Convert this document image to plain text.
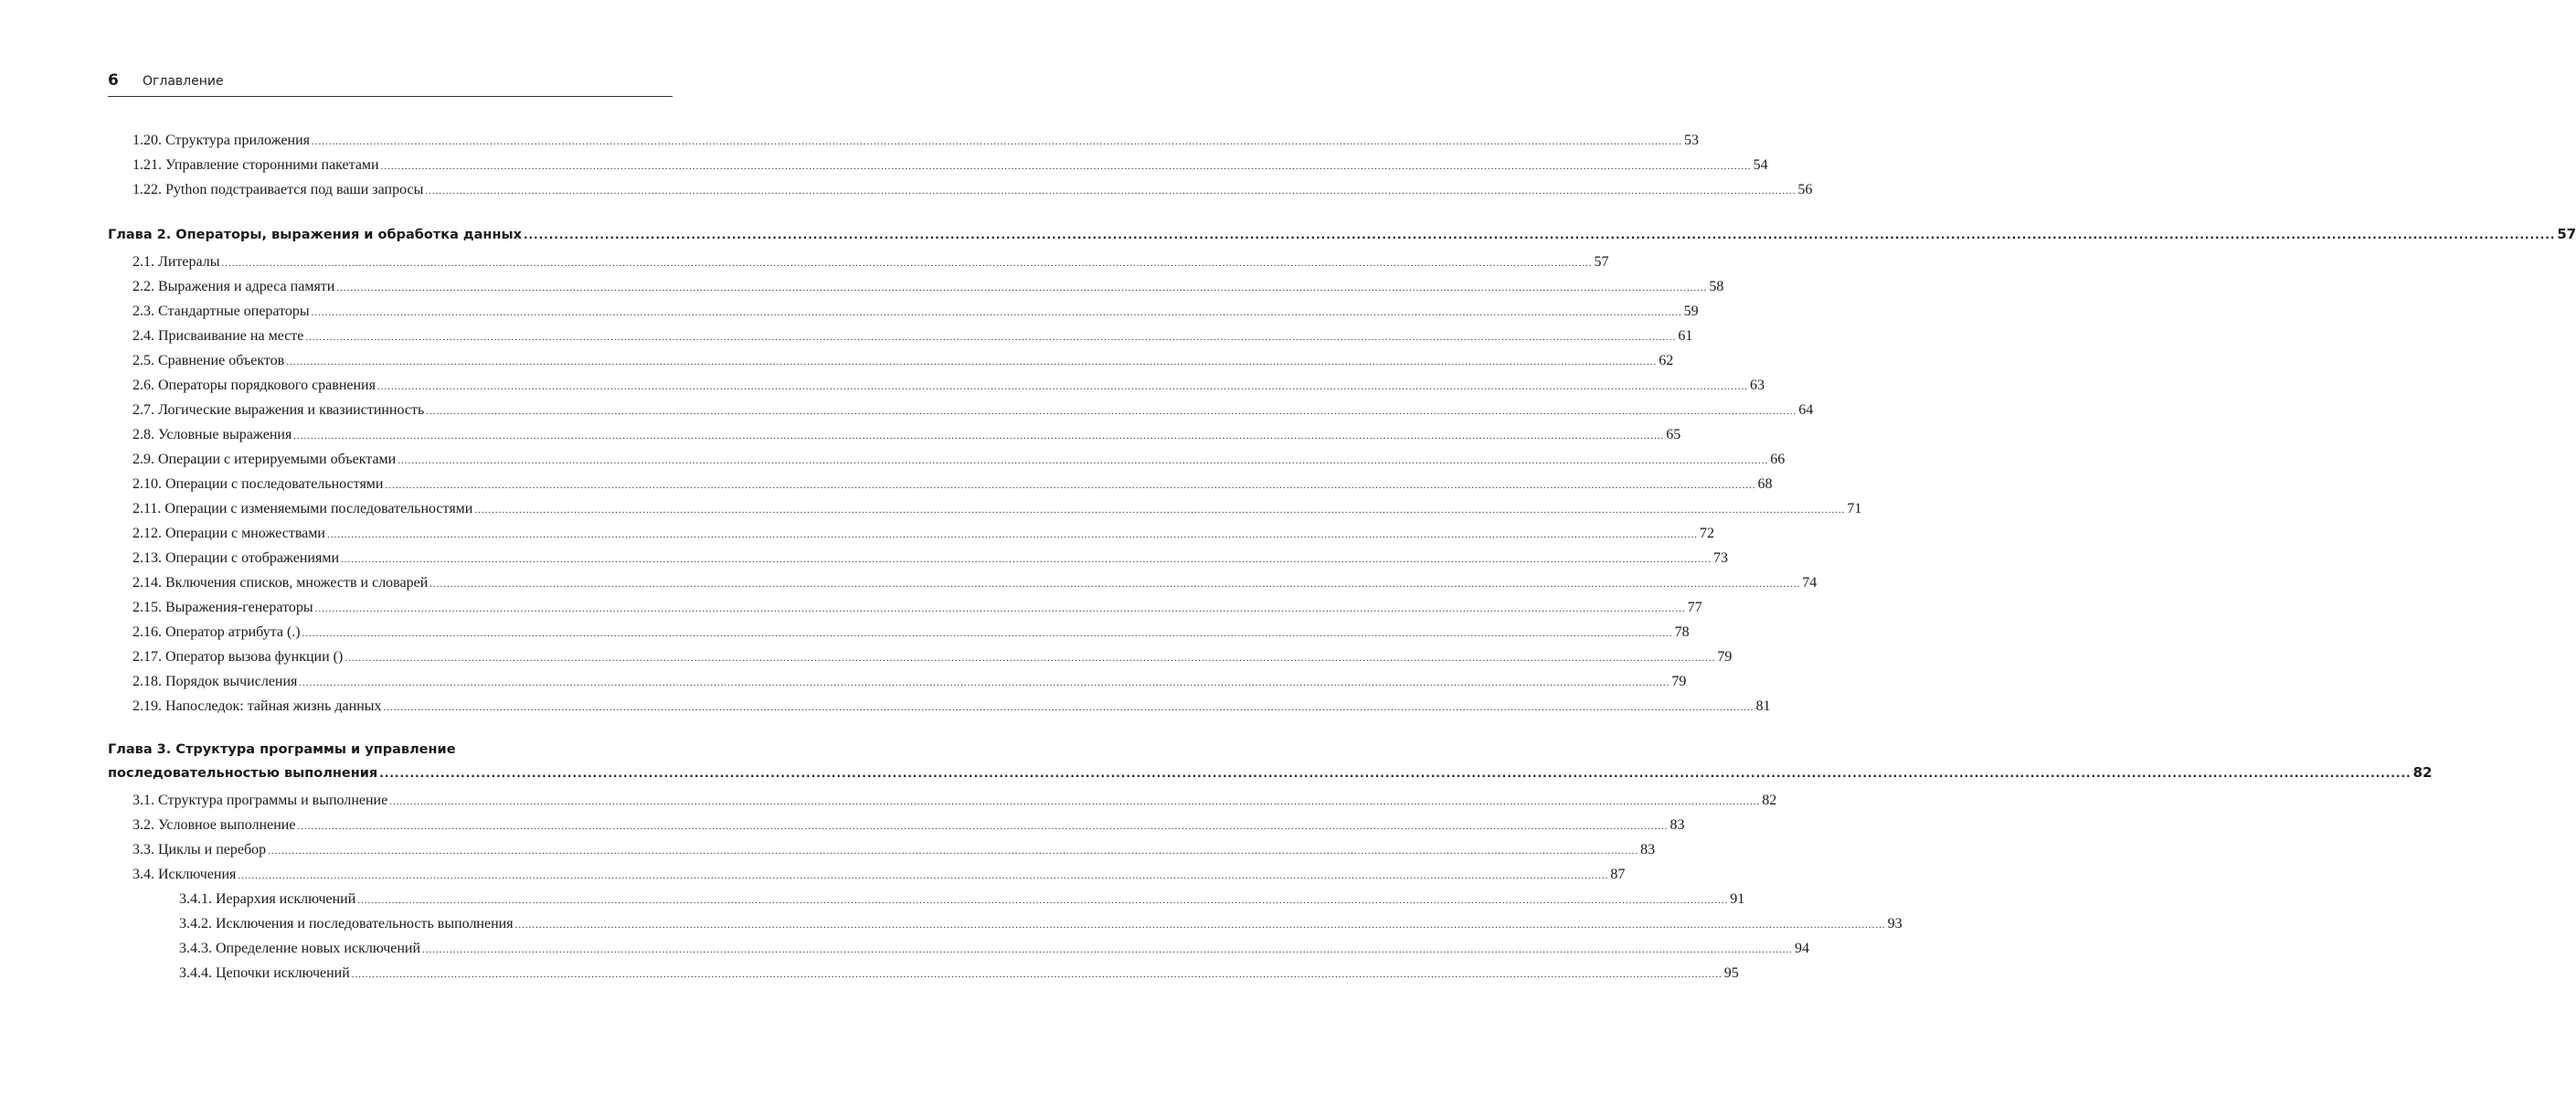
6 Оглавление
1.20. Структура приложения ................................................................................................................................................................................................................................................................................................................................................................................................................ 53
1.21. Управление сторонними пакетами ................................................................................................................................................................................................................................................................................................................................................................................................................ 54
1.22. Python подстраивается под ваши запросы ................................................................................................................................................................................................................................................................................................................................................................................................................ 56
Глава 2. Операторы, выражения и обработка данных ................................................................................................................................................................................................................................................................................................................................................................................................................ 57
2.1. Литералы ................................................................................................................................................................................................................................................................................................................................................................................................................ 57
2.2. Выражения и адреса памяти ................................................................................................................................................................................................................................................................................................................................................................................................................ 58
2.3. Стандартные операторы ................................................................................................................................................................................................................................................................................................................................................................................................................ 59
2.4. Присваивание на месте ................................................................................................................................................................................................................................................................................................................................................................................................................ 61
2.5. Сравнение объектов ................................................................................................................................................................................................................................................................................................................................................................................................................ 62
2.6. Операторы порядкового сравнения ................................................................................................................................................................................................................................................................................................................................................................................................................ 63
2.7. Логические выражения и квазиистинность ................................................................................................................................................................................................................................................................................................................................................................................................................ 64
2.8. Условные выражения ................................................................................................................................................................................................................................................................................................................................................................................................................ 65
2.9. Операции с итерируемыми объектами ................................................................................................................................................................................................................................................................................................................................................................................................................ 66
2.10. Операции с последовательностями ................................................................................................................................................................................................................................................................................................................................................................................................................ 68
2.11. Операции с изменяемыми последовательностями ................................................................................................................................................................................................................................................................................................................................................................................................................ 71
2.12. Операции с множествами ................................................................................................................................................................................................................................................................................................................................................................................................................ 72
2.13. Операции с отображениями ................................................................................................................................................................................................................................................................................................................................................................................................................ 73
2.14. Включения списков, множеств и словарей ................................................................................................................................................................................................................................................................................................................................................................................................................ 74
2.15. Выражения-генераторы ................................................................................................................................................................................................................................................................................................................................................................................................................ 77
2.16. Оператор атрибута (.) ................................................................................................................................................................................................................................................................................................................................................................................................................ 78
2.17. Оператор вызова функции () ................................................................................................................................................................................................................................................................................................................................................................................................................ 79
2.18. Порядок вычисления ................................................................................................................................................................................................................................................................................................................................................................................................................ 79
2.19. Напоследок: тайная жизнь данных ................................................................................................................................................................................................................................................................................................................................................................................................................ 81
Глава 3. Структура программы и управление
последовательностью выполнения ................................................................................................................................................................................................................................................................................................................................................................................................................ 82
3.1. Структура программы и выполнение ................................................................................................................................................................................................................................................................................................................................................................................................................ 82
3.2. Условное выполнение ................................................................................................................................................................................................................................................................................................................................................................................................................ 83
3.3. Циклы и перебор ................................................................................................................................................................................................................................................................................................................................................................................................................ 83
3.4. Исключения ................................................................................................................................................................................................................................................................................................................................................................................................................ 87
3.4.1. Иерархия исключений ................................................................................................................................................................................................................................................................................................................................................................................................................ 91
3.4.2. Исключения и последовательность выполнения ................................................................................................................................................................................................................................................................................................................................................................................................................ 93
3.4.3. Определение новых исключений ................................................................................................................................................................................................................................................................................................................................................................................................................ 94
3.4.4. Цепочки исключений ................................................................................................................................................................................................................................................................................................................................................................................................................ 95
